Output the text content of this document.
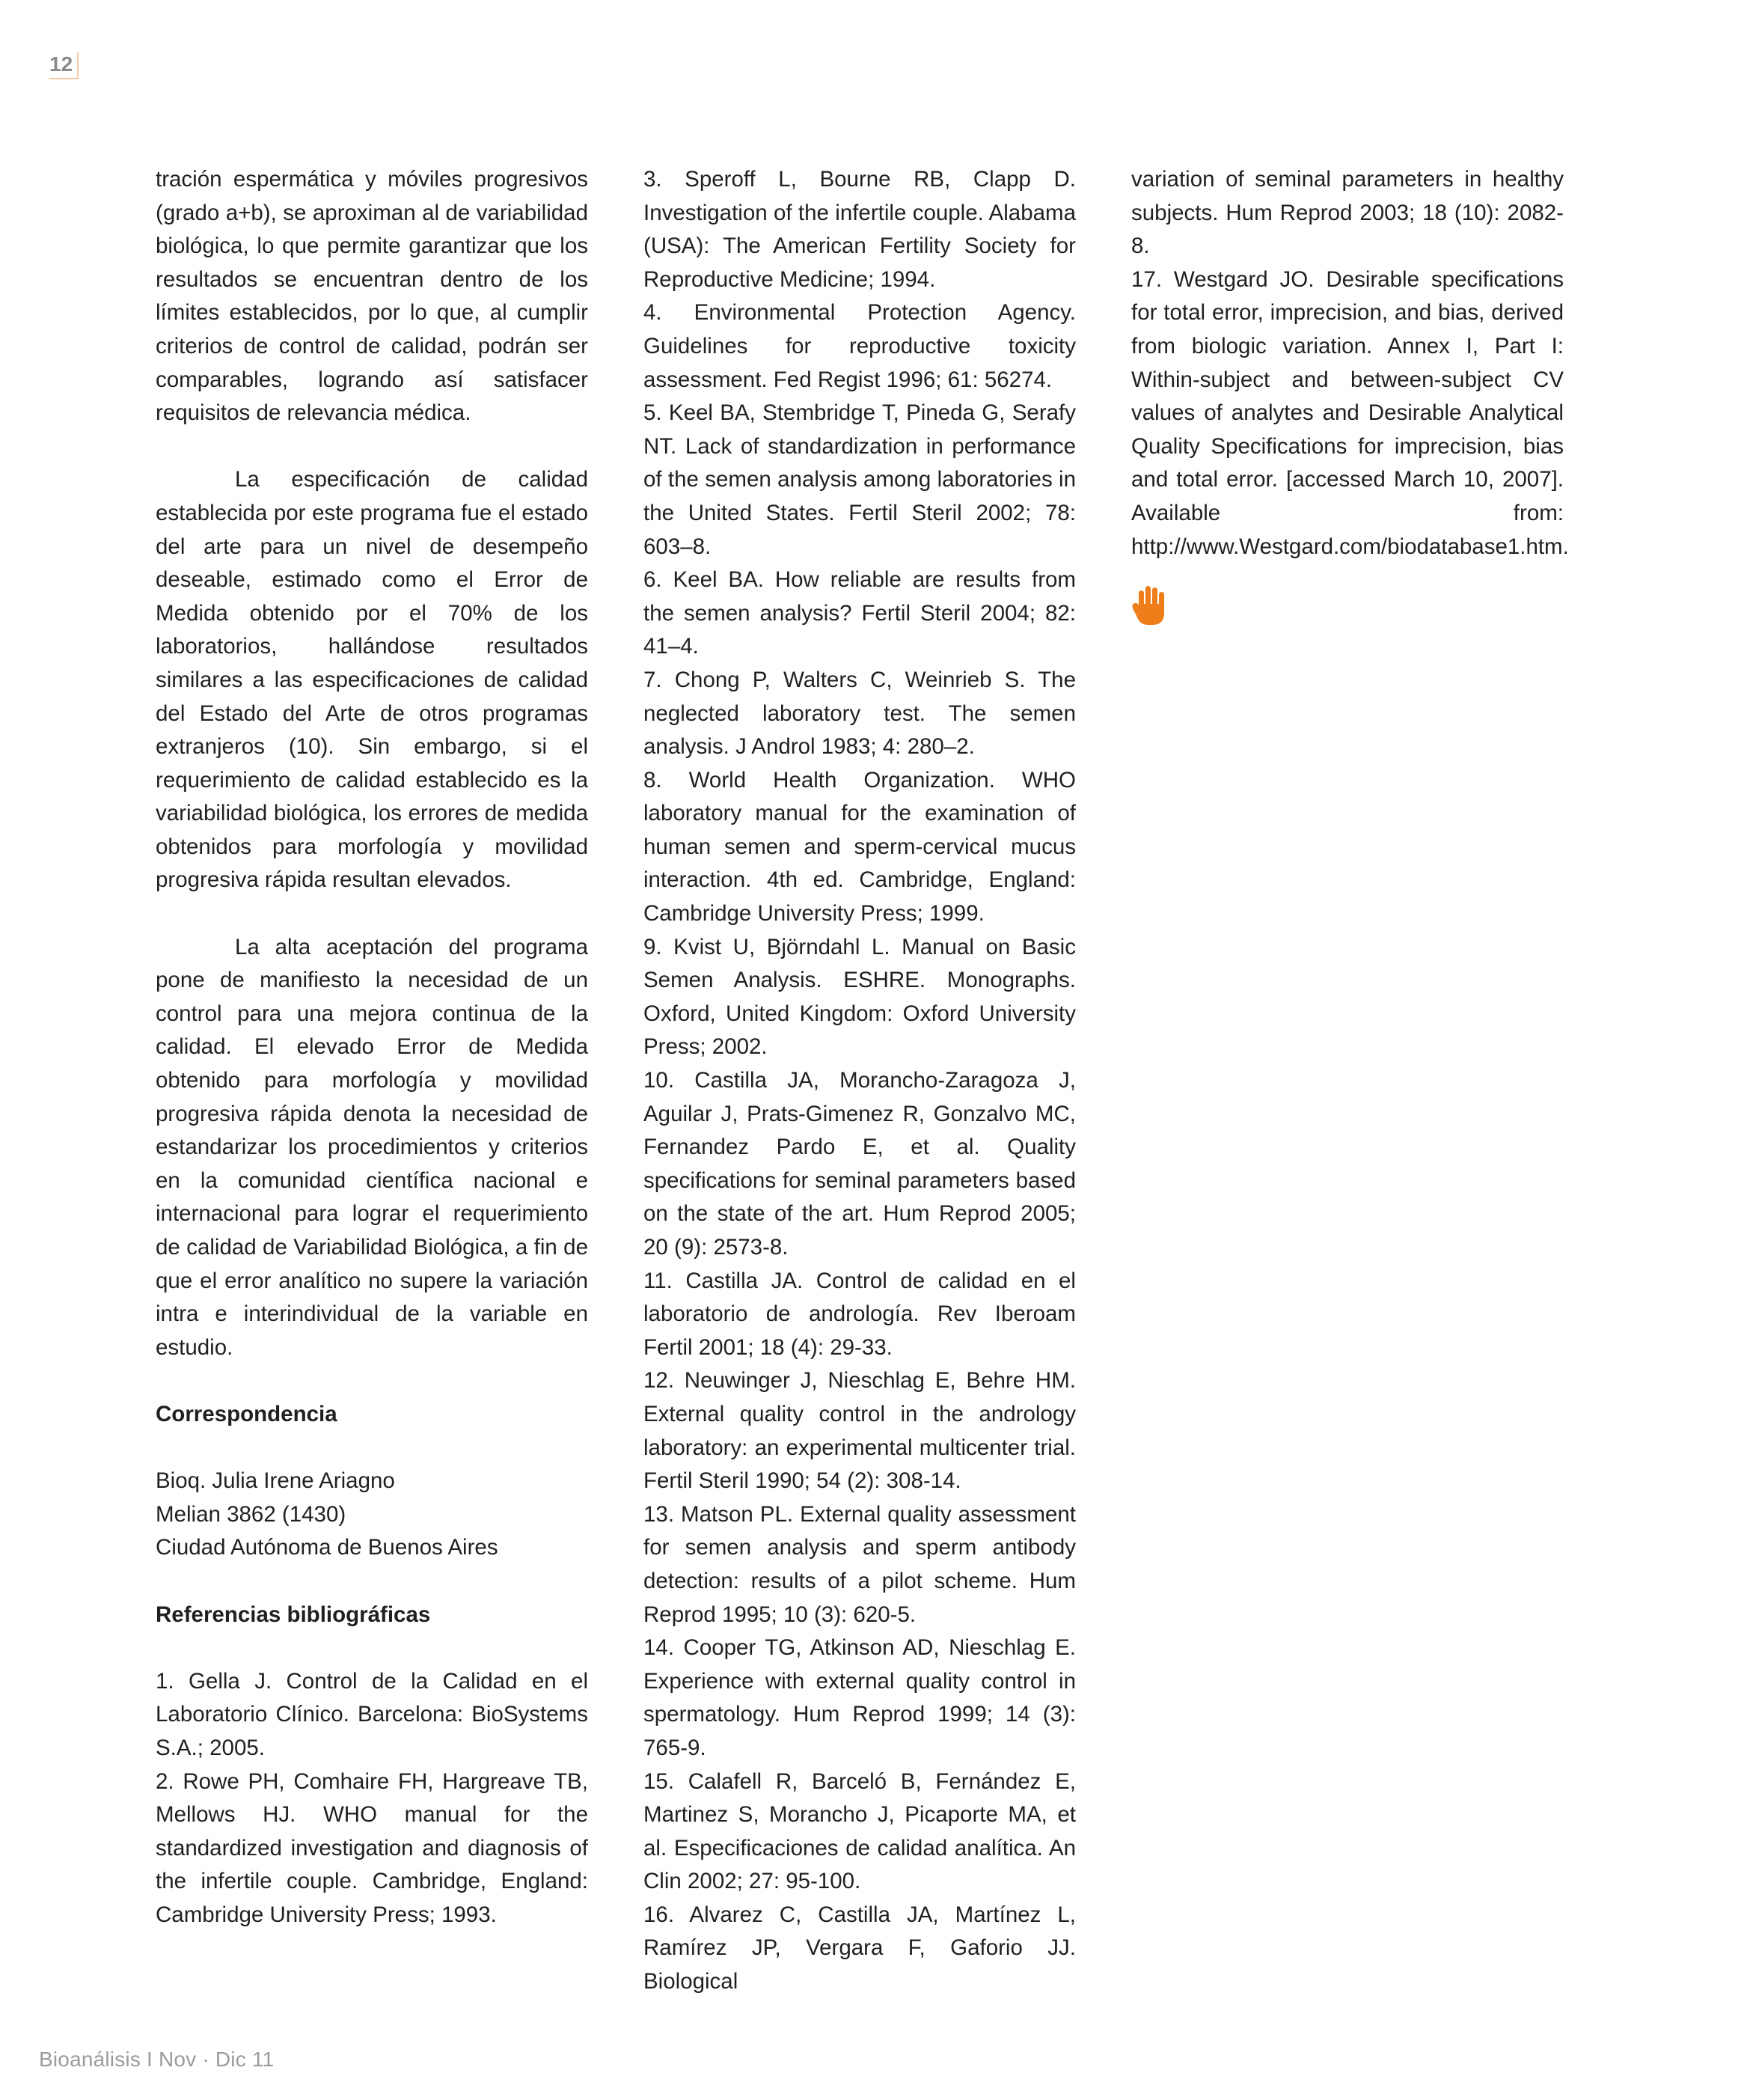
12

tración espermática y móviles progresivos (grado a+b), se aproximan al de variabilidad biológica, lo que permite garantizar que los resultados se encuentran dentro de los límites establecidos, por lo que, al cumplir criterios de control de calidad, podrán ser comparables, logrando así satisfacer requisitos de relevancia médica.

La especificación de calidad establecida por este programa fue el estado del arte para un nivel de desempeño deseable, estimado como el Error de Medida obtenido por el 70% de los laboratorios, hallándose resultados similares a las especificaciones de calidad del Estado del Arte de otros programas extranjeros (10). Sin embargo, si el requerimiento de calidad establecido es la variabilidad biológica, los errores de medida obtenidos para morfología y movilidad progresiva rápida resultan elevados.

La alta aceptación del programa pone de manifiesto la necesidad de un control para una mejora continua de la calidad. El elevado Error de Medida obtenido para morfología y movilidad progresiva rápida denota la necesidad de estandarizar los procedimientos y criterios en la comunidad científica nacional e internacional para lograr el requerimiento de calidad de Variabilidad Biológica, a fin de que el error analítico no supere la variación intra e interindividual de la variable en estudio.

Correspondencia

Bioq. Julia Irene Ariagno

Melian 3862 (1430)

Ciudad Autónoma de Buenos Aires

Referencias bibliográficas

1. Gella J. Control de la Calidad en el Laboratorio Clínico. Barcelona: BioSystems S.A.; 2005.

2. Rowe PH, Comhaire FH, Hargreave TB, Mellows HJ. WHO manual for the standardized investigation and diagnosis of the infertile couple. Cambridge, England: Cambridge University Press; 1993.

3. Speroff L, Bourne RB, Clapp D. Investigation of the infertile couple. Alabama (USA): The American Fertility Society for Reproductive Medicine; 1994.

4. Environmental Protection Agency. Guidelines for reproductive toxicity assessment. Fed Regist 1996; 61: 56274.

5. Keel BA, Stembridge T, Pineda G, Serafy NT. Lack of standardization in performance of the semen analysis among laboratories in the United States. Fertil Steril 2002; 78: 603–8.

6. Keel BA. How reliable are results from the semen analysis? Fertil Steril 2004; 82: 41–4.

7. Chong P, Walters C, Weinrieb S. The neglected laboratory test. The semen analysis. J Androl 1983; 4: 280–2.

8. World Health Organization. WHO laboratory manual for the examination of human semen and sperm-cervical mucus interaction. 4th ed. Cambridge, England: Cambridge University Press; 1999.

9. Kvist U, Björndahl L. Manual on Basic Semen Analysis. ESHRE. Monographs. Oxford, United Kingdom: Oxford University Press; 2002.

10. Castilla JA, Morancho-Zaragoza J, Aguilar J, Prats-Gimenez R, Gonzalvo MC, Fernandez Pardo E, et al. Quality specifications for seminal parameters based on the state of the art. Hum Reprod 2005; 20 (9): 2573-8.

11. Castilla JA. Control de calidad en el laboratorio de andrología. Rev Iberoam Fertil 2001; 18 (4): 29-33.

12. Neuwinger J, Nieschlag E, Behre HM. External quality control in the andrology laboratory: an experimental multicenter trial. Fertil Steril 1990; 54 (2): 308-14.

13. Matson PL. External quality assessment for semen analysis and sperm antibody detection: results of a pilot scheme. Hum Reprod 1995; 10 (3): 620-5.

14. Cooper TG, Atkinson AD, Nieschlag E. Experience with external quality control in spermatology. Hum Reprod 1999; 14 (3): 765-9.

15. Calafell R, Barceló B, Fernández E, Martinez S, Morancho J, Picaporte MA, et al. Especificaciones de calidad analítica. An Clin 2002; 27: 95-100.

16. Alvarez C, Castilla JA, Martínez L, Ramírez JP, Vergara F, Gaforio JJ. Biological

variation of seminal parameters in healthy subjects. Hum Reprod 2003; 18 (10): 2082-8.

17. Westgard JO. Desirable specifications for total error, imprecision, and bias, derived from biologic variation. Annex I, Part I: Within-subject and between-subject CV values of analytes and Desirable Analytical Quality Specifications for imprecision, bias and total error. [accessed March 10, 2007]. Available from: http://www.Westgard.com/biodatabase1.htm.

Bioanálisis I Nov · Dic 11
